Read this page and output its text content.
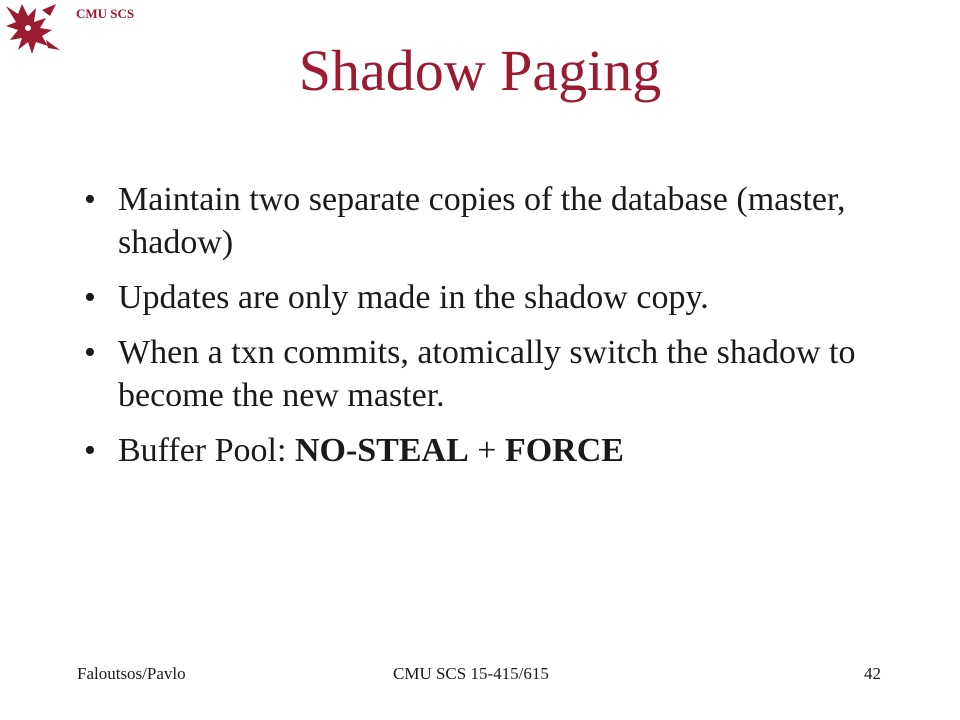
CMU SCS
Shadow Paging
• Maintain two separate copies of the database (master, shadow)
• Updates are only made in the shadow copy.
• When a txn commits, atomically switch the shadow to become the new master.
• Buffer Pool: NO-STEAL + FORCE
Faloutsos/Pavlo	CMU SCS 15-415/615	42
